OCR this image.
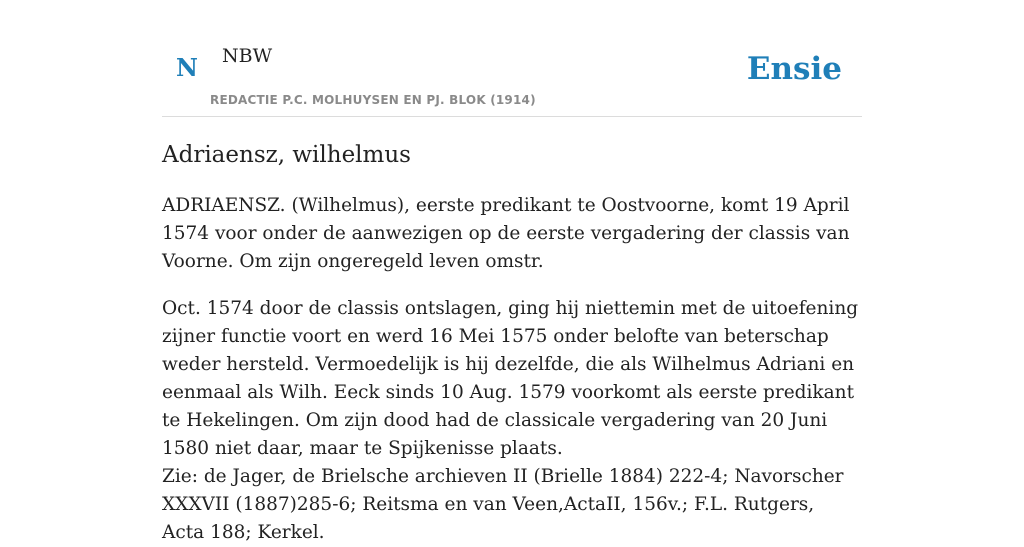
N NBW
REDACTIE P.C. MOLHUYSEN EN PJ. BLOK (1914)
Ensie
Adriaensz, wilhelmus

ADRIAENSZ. (Wilhelmus), eerste predikant te Oostvoorne, komt 19 April 1574 voor onder de aanwezigen op de eerste vergadering der classis van Voorne. Om zijn ongeregeld leven omstr.

Oct. 1574 door de classis ontslagen, ging hij niettemin met de uitoefening zijner functie voort en werd 16 Mei 1575 onder belofte van beterschap weder hersteld. Vermoedelijk is hij dezelfde, die als Wilhelmus Adriani en eenmaal als Wilh. Eeck sinds 10 Aug. 1579 voorkomt als eerste predikant te Hekelingen. Om zijn dood had de classicale vergadering van 20 Juni 1580 niet daar, maar te Spijkenisse plaats.

Zie: de Jager, de Brielsche archieven II (Brielle 1884) 222-4; Navorscher XXXVII (1887)285-6; Reitsma en van Veen,ActaII, 156v.; F.L. Rutgers, Acta 188; Kerkel.
